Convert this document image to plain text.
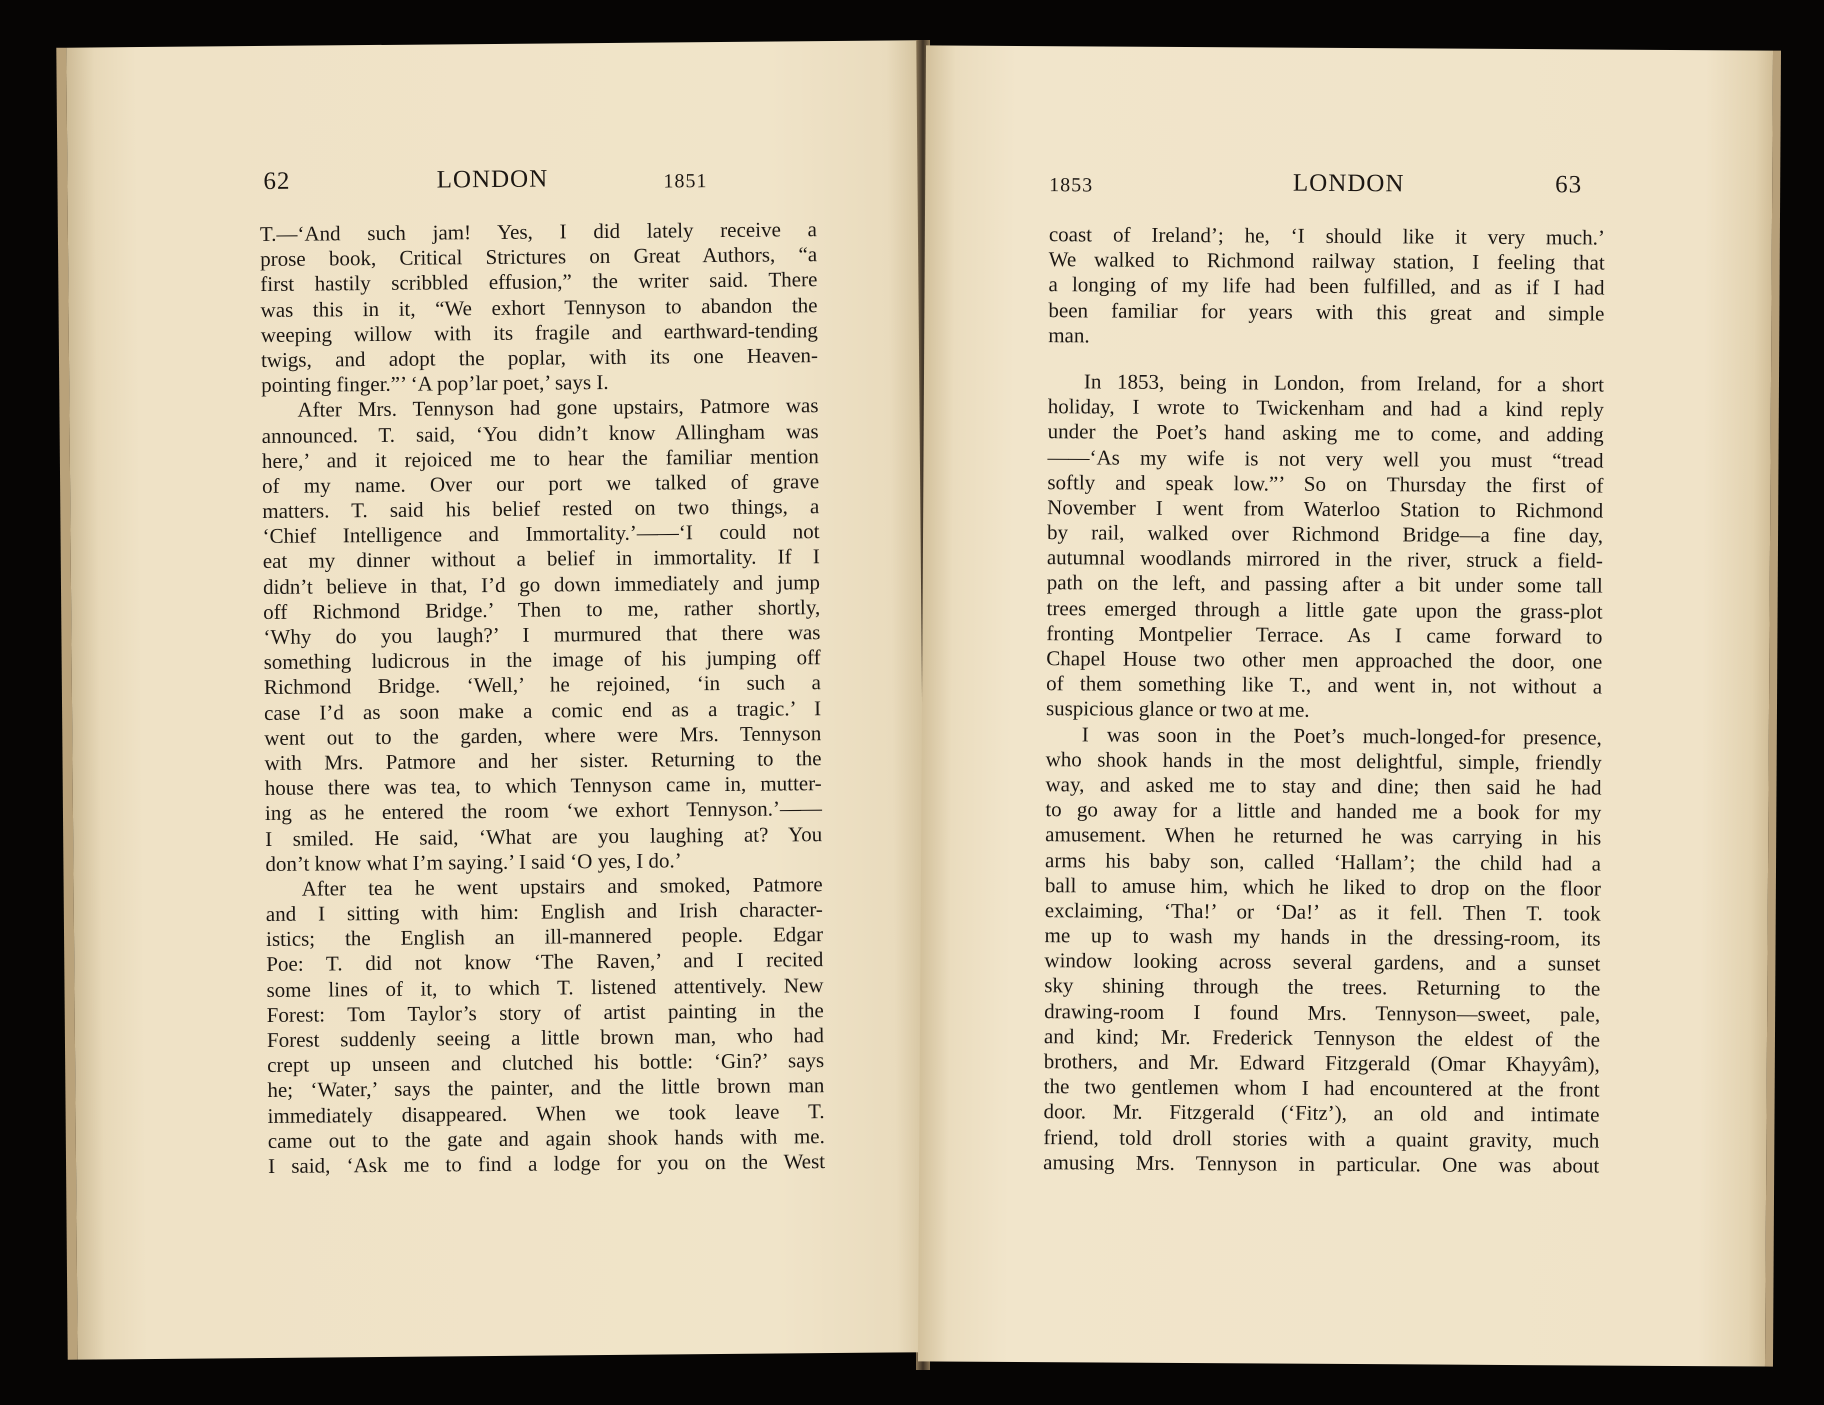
62	LONDON	1851
T.—‘And such jam! Yes, I did lately receive a
prose book, Critical Strictures on Great Authors, “a
first hastily scribbled effusion,” the writer said. There
was this in it, “We exhort Tennyson to abandon the
weeping willow with its fragile and earthward-tending
twigs, and adopt the poplar, with its one Heaven-
pointing finger.”’ ‘A pop’lar poet,’ says I.
After Mrs. Tennyson had gone upstairs, Patmore was
announced. T. said, ‘You didn’t know Allingham was
here,’ and it rejoiced me to hear the familiar mention
of my name. Over our port we talked of grave
matters. T. said his belief rested on two things, a
‘Chief Intelligence and Immortality.’——‘I could not
eat my dinner without a belief in immortality. If I
didn’t believe in that, I’d go down immediately and jump
off Richmond Bridge.’ Then to me, rather shortly,
‘Why do you laugh?’ I murmured that there was
something ludicrous in the image of his jumping off
Richmond Bridge. ‘Well,’ he rejoined, ‘in such a
case I’d as soon make a comic end as a tragic.’ I
went out to the garden, where were Mrs. Tennyson
with Mrs. Patmore and her sister. Returning to the
house there was tea, to which Tennyson came in, mutter-
ing as he entered the room ‘we exhort Tennyson.’——
I smiled. He said, ‘What are you laughing at? You
don’t know what I’m saying.’ I said ‘O yes, I do.’
After tea he went upstairs and smoked, Patmore
and I sitting with him: English and Irish character-
istics; the English an ill-mannered people. Edgar
Poe: T. did not know ‘The Raven,’ and I recited
some lines of it, to which T. listened attentively. New
Forest: Tom Taylor’s story of artist painting in the
Forest suddenly seeing a little brown man, who had
crept up unseen and clutched his bottle: ‘Gin?’ says
he; ‘Water,’ says the painter, and the little brown man
immediately disappeared. When we took leave T.
came out to the gate and again shook hands with me.
I said, ‘Ask me to find a lodge for you on the West
1853	LONDON	63
coast of Ireland’; he, ‘I should like it very much.’
We walked to Richmond railway station, I feeling that
a longing of my life had been fulfilled, and as if I had
been familiar for years with this great and simple
man.
In 1853, being in London, from Ireland, for a short
holiday, I wrote to Twickenham and had a kind reply
under the Poet’s hand asking me to come, and adding
——‘As my wife is not very well you must “tread
softly and speak low.”’ So on Thursday the first of
November I went from Waterloo Station to Richmond
by rail, walked over Richmond Bridge—a fine day,
autumnal woodlands mirrored in the river, struck a field-
path on the left, and passing after a bit under some tall
trees emerged through a little gate upon the grass-plot
fronting Montpelier Terrace. As I came forward to
Chapel House two other men approached the door, one
of them something like T., and went in, not without a
suspicious glance or two at me.
I was soon in the Poet’s much-longed-for presence,
who shook hands in the most delightful, simple, friendly
way, and asked me to stay and dine; then said he had
to go away for a little and handed me a book for my
amusement. When he returned he was carrying in his
arms his baby son, called ‘Hallam’; the child had a
ball to amuse him, which he liked to drop on the floor
exclaiming, ‘Tha!’ or ‘Da!’ as it fell. Then T. took
me up to wash my hands in the dressing-room, its
window looking across several gardens, and a sunset
sky shining through the trees. Returning to the
drawing-room I found Mrs. Tennyson—sweet, pale,
and kind; Mr. Frederick Tennyson the eldest of the
brothers, and Mr. Edward Fitzgerald (Omar Khayyâm),
the two gentlemen whom I had encountered at the front
door. Mr. Fitzgerald (‘Fitz’), an old and intimate
friend, told droll stories with a quaint gravity, much
amusing Mrs. Tennyson in particular. One was about
